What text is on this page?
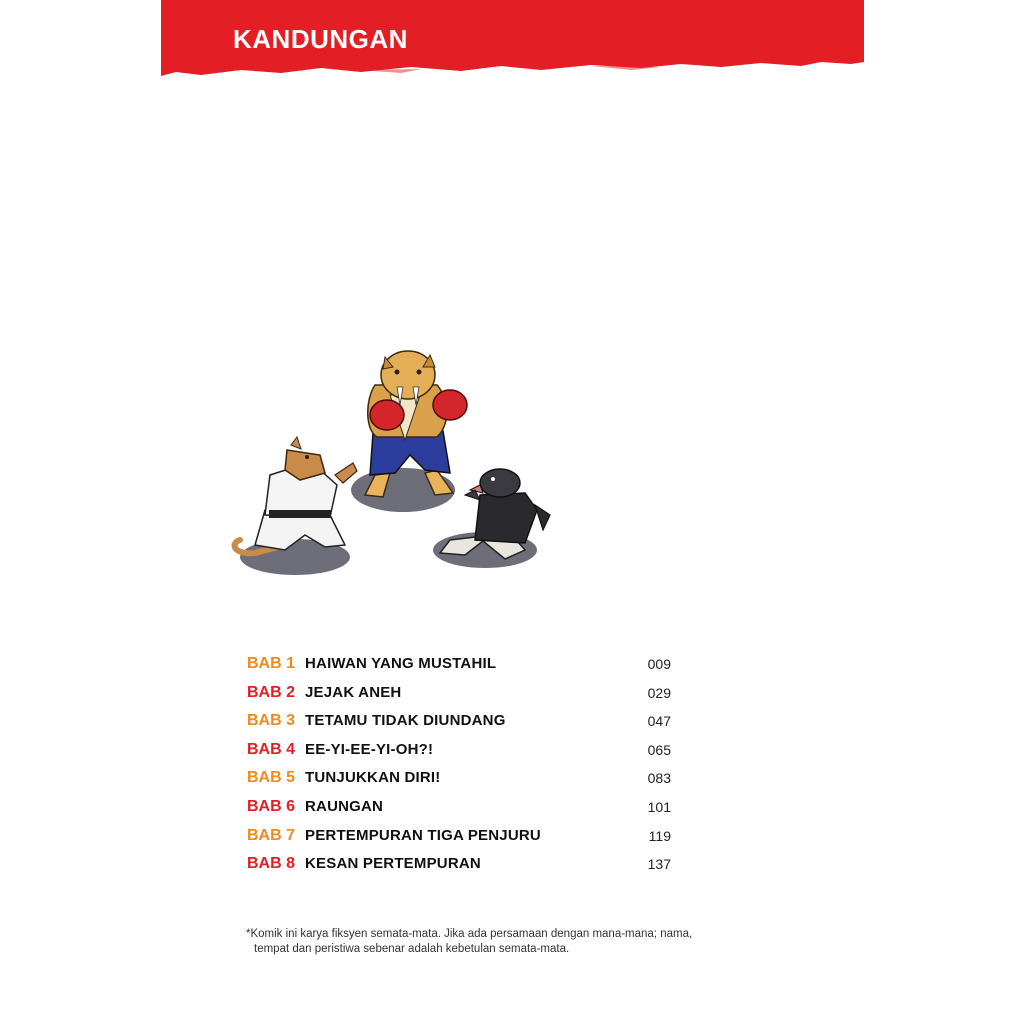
KANDUNGAN
BAB 1 HAIWAN YANG MUSTAHIL	009
BAB 2 JEJAK ANEH	029
BAB 3 TETAMU TIDAK DIUNDANG	047
BAB 4 EE-YI-EE-YI-OH?!	065
BAB 5 TUNJUKKAN DIRI!	083
BAB 6 RAUNGAN	101
BAB 7 PERTEMPURAN TIGA PENJURU	119
BAB 8 KESAN PERTEMPURAN	137
*Komik ini karya fiksyen semata-mata. Jika ada persamaan dengan mana-mana; nama,
tempat dan peristiwa sebenar adalah kebetulan semata-mata.
